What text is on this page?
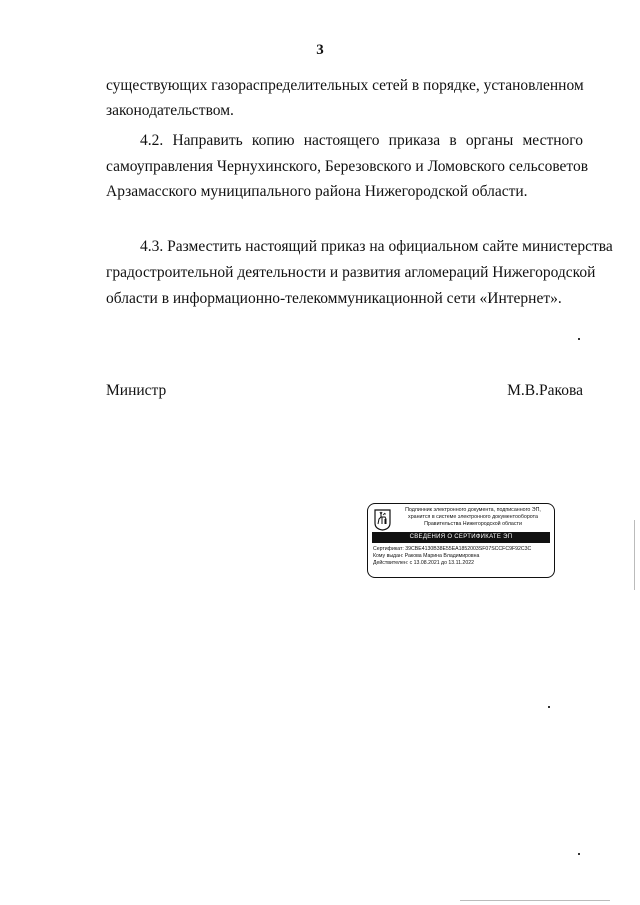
3
существующих газораспределительных сетей в порядке, установленном
законодательством.
4.2. Направить копию настоящего приказа в органы местного
самоуправления Чернухинского, Березовского и Ломовского сельсоветов
Арзамасского муниципального района Нижегородской области.
4.3. Разместить настоящий приказ на официальном сайте министерства
градостроительной деятельности и развития агломераций Нижегородской
области в информационно-телекоммуникационной сети «Интернет».
Министр	М.В.Ракова
Подлинник электронного документа, подписанного ЭП,
хранится в системе электронного документооборота
Правительства Нижегородской области
СВЕДЕНИЯ О СЕРТИФИКАТЕ ЭП
Сертификат: 39CBE4130B38E55EA1852003SF07SCCFC9F92C3C
Кому выдан: Ракова Марина Владимировна
Действителен: с 13.08.2021 до 13.11.2022
